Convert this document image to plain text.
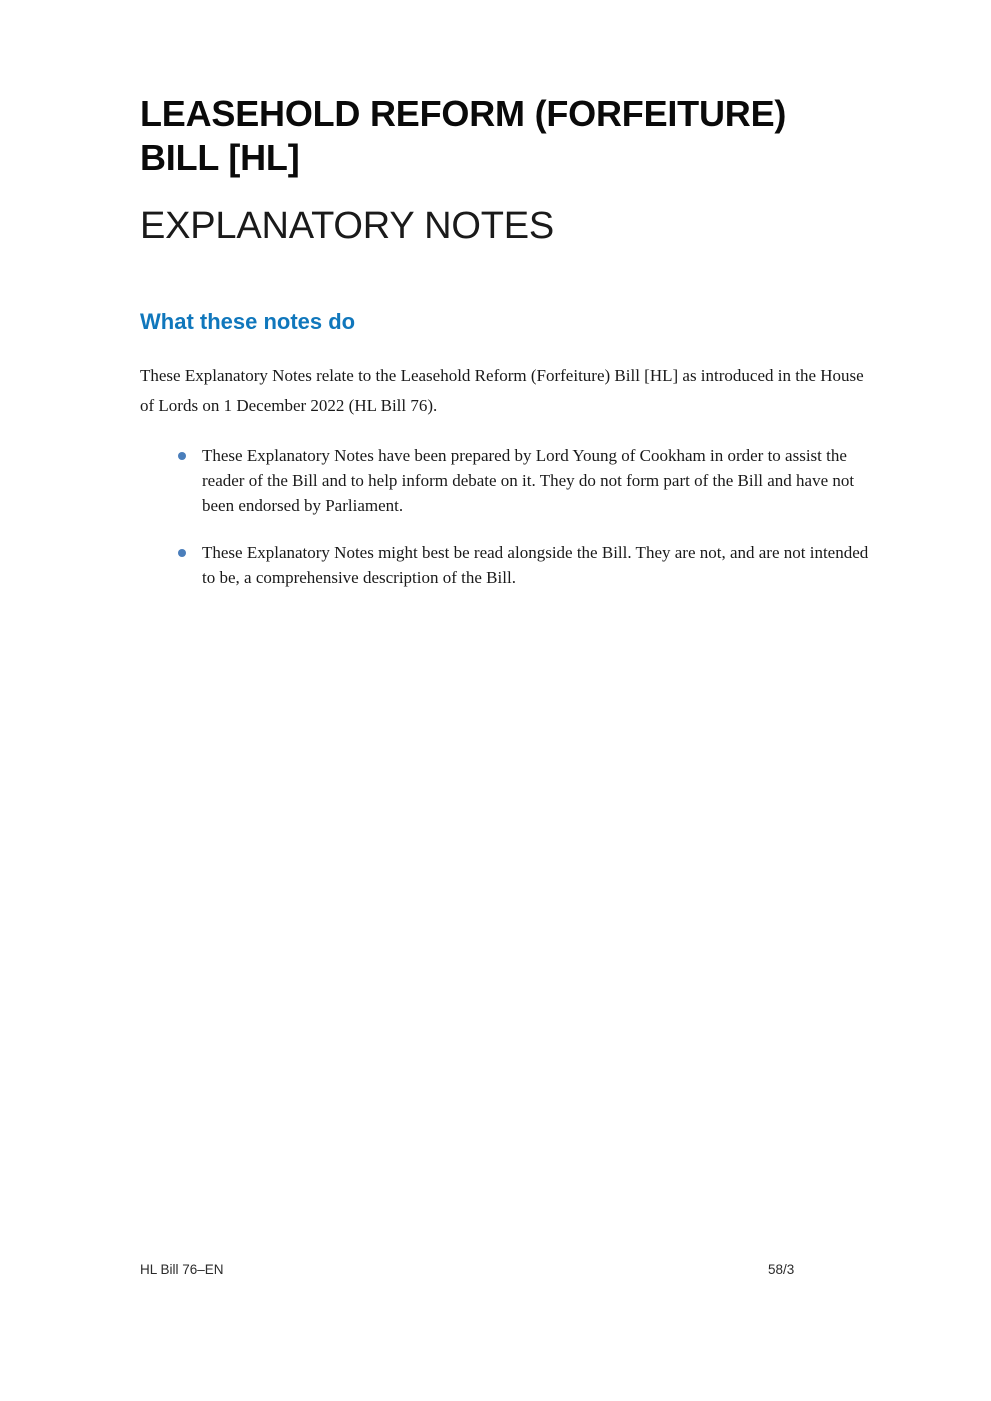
LEASEHOLD REFORM (FORFEITURE)
BILL [HL]
EXPLANATORY NOTES
What these notes do

These Explanatory Notes relate to the Leasehold Reform (Forfeiture) Bill [HL] as introduced in the House of Lords on 1 December 2022 (HL Bill 76).

These Explanatory Notes have been prepared by Lord Young of Cookham in order to assist the reader of the Bill and to help inform debate on it. They do not form part of the Bill and have not been endorsed by Parliament.
These Explanatory Notes might best be read alongside the Bill. They are not, and are not intended to be, a comprehensive description of the Bill.
HL Bill 76–EN	58/3
